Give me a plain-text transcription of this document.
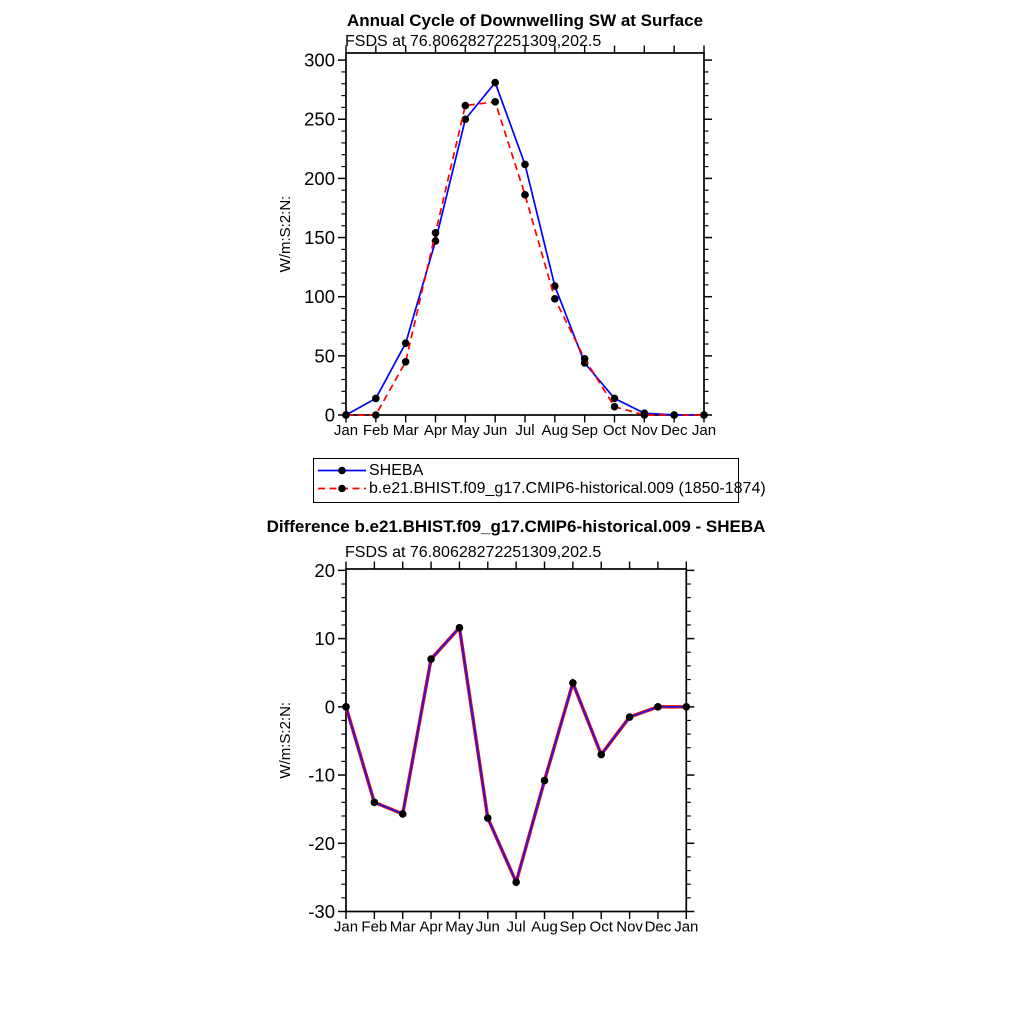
Jan Feb Mar Apr May Jun Jul Aug Sep Oct Nov Dec Jan
0
50
100
150
200
250
300
W/m:S:2:N:
Jan Feb Mar Apr May Jun Jul Aug Sep Oct Nov Dec Jan
-30
-20
-10
0
10
20
W/m:S:2:N:
Annual Cycle of Downwelling SW at Surface
FSDS at 76.80628272251309,202.5
SHEBA
b.e21.BHIST.f09_g17.CMIP6-historical.009 (1850-1874)
Difference b.e21.BHIST.f09_g17.CMIP6-historical.009 - SHEBA
FSDS at 76.80628272251309,202.5
